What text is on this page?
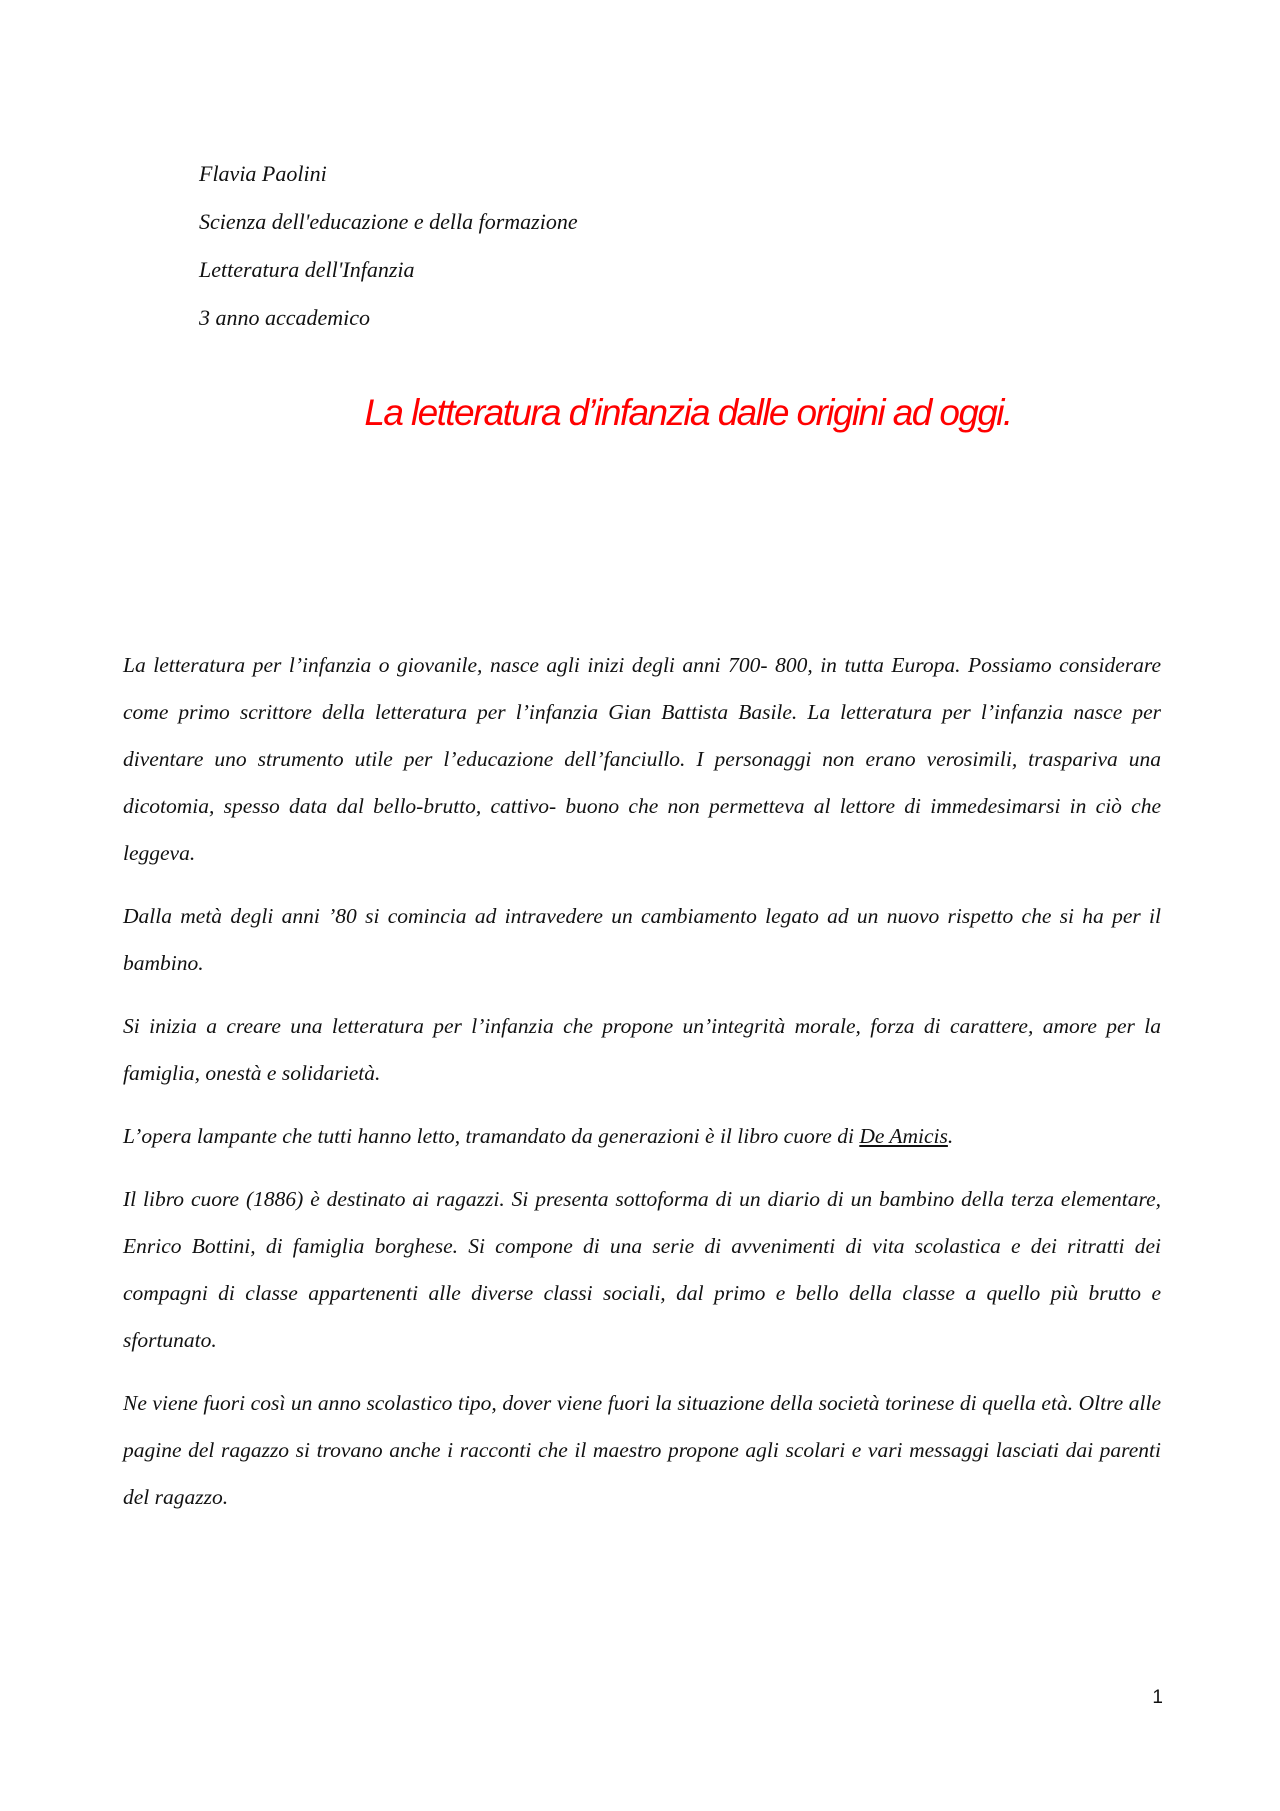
Flavia Paolini
Scienza dell'educazione e della formazione
Letteratura dell'Infanzia
3 anno accademico
La letteratura d’infanzia dalle origini ad oggi.

La letteratura per l’infanzia o giovanile, nasce agli inizi degli anni 700- 800, in tutta Europa. Possiamo considerare come primo scrittore della letteratura per l’infanzia Gian Battista Basile. La letteratura per l’infanzia nasce per diventare uno strumento utile per l’educazione dell’fanciullo. I personaggi non erano verosimili, traspariva una dicotomia, spesso data dal bello-brutto, cattivo- buono che non permetteva al lettore di immedesimarsi in ciò che leggeva.

Dalla metà degli anni ’80 si comincia ad intravedere un cambiamento legato ad un nuovo rispetto che si ha per il bambino.

Si inizia a creare una letteratura per l’infanzia che propone un’integrità morale, forza di carattere, amore per la famiglia, onestà e solidarietà.

L’opera lampante che tutti hanno letto, tramandato da generazioni è il libro cuore di De Amicis.

Il libro cuore (1886) è destinato ai ragazzi. Si presenta sottoforma di un diario di un bambino della terza elementare, Enrico Bottini, di famiglia borghese. Si compone di una serie di avvenimenti di vita scolastica e dei ritratti dei compagni di classe appartenenti alle diverse classi sociali, dal primo e bello della classe a quello più brutto e sfortunato.

Ne viene fuori così un anno scolastico tipo, dover viene fuori la situazione della società torinese di quella età. Oltre alle pagine del ragazzo si trovano anche i racconti che il maestro propone agli scolari e vari messaggi lasciati dai parenti del ragazzo.

1
